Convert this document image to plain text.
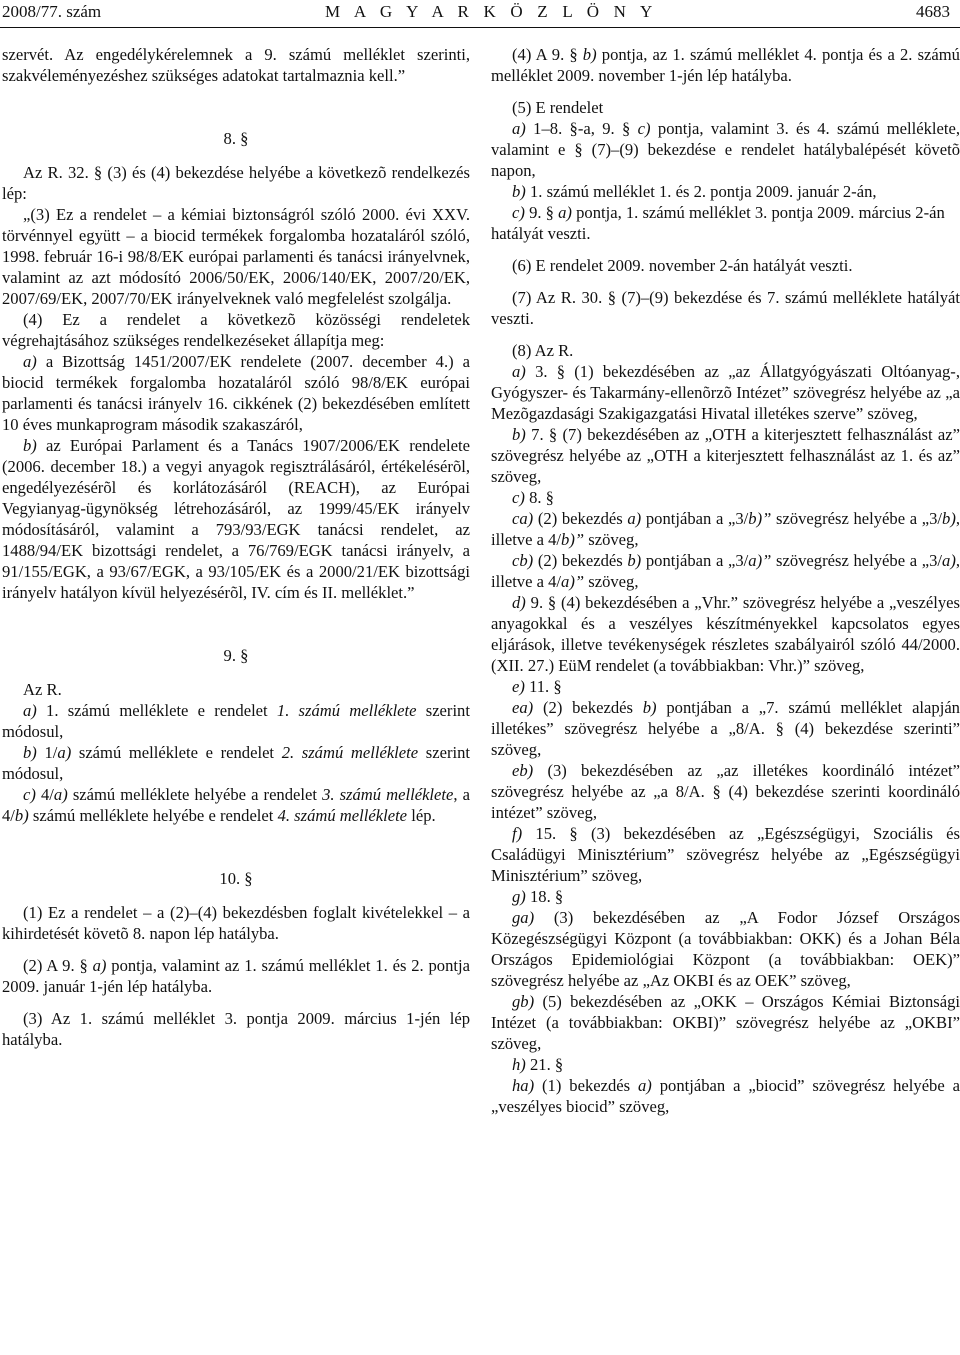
2008/77. szám	M A G Y A R K Ö Z L Ö N Y	4683

szervét. Az engedélykérelemnek a 9. számú melléklet szerinti, szakvéleményezéshez szükséges adatokat tartalmaznia kell.”

8. §

Az R. 32. § (3) és (4) bekezdése helyébe a következõ rendelkezés lép:

„(3) Ez a rendelet – a kémiai biztonságról szóló 2000. évi XXV. törvénnyel együtt – a biocid termékek forgalomba hozataláról szóló, 1998. február 16-i 98/8/EK európai parlamenti és tanácsi irányelvnek, valamint az azt módosító 2006/50/EK, 2006/140/EK, 2007/20/EK, 2007/69/EK, 2007/70/EK irányelveknek való megfelelést szolgálja.

(4) Ez a rendelet a következõ közösségi rendeletek végrehajtásához szükséges rendelkezéseket állapítja meg:

a) a Bizottság 1451/2007/EK rendelete (2007. december 4.) a biocid termékek forgalomba hozataláról szóló 98/8/EK európai parlamenti és tanácsi irányelv 16. cikkének (2) bekezdésében említett 10 éves munkaprogram második szakaszáról,

b) az Európai Parlament és a Tanács 1907/2006/EK rendelete (2006. december 18.) a vegyi anyagok regisztrálásáról, értékelésérõl, engedélyezésérõl és korlátozásáról (REACH), az Európai Vegyianyag-ügynökség létrehozásáról, az 1999/45/EK irányelv módosításáról, valamint a 793/93/EGK tanácsi rendelet, az 1488/94/EK bizottsági rendelet, a 76/769/EGK tanácsi irányelv, a 91/155/EGK, a 93/67/EGK, a 93/105/EK és a 2000/21/EK bizottsági irányelv hatályon kívül helyezésérõl, IV. cím és II. melléklet.”

9. §

Az R.

a) 1. számú melléklete e rendelet 1. számú melléklete szerint módosul,

b) 1/a) számú melléklete e rendelet 2. számú melléklete szerint módosul,

c) 4/a) számú melléklete helyébe a rendelet 3. számú melléklete, a 4/b) számú melléklete helyébe e rendelet 4. számú melléklete lép.

10. §

(1) Ez a rendelet – a (2)–(4) bekezdésben foglalt kivételekkel – a kihirdetését követõ 8. napon lép hatályba.

(2) A 9. § a) pontja, valamint az 1. számú melléklet 1. és 2. pontja 2009. január 1-jén lép hatályba.

(3) Az 1. számú melléklet 3. pontja 2009. március 1-jén lép hatályba.

(4) A 9. § b) pontja, az 1. számú melléklet 4. pontja és a 2. számú melléklet 2009. november 1-jén lép hatályba.

(5) E rendelet

a) 1–8. §-a, 9. § c) pontja, valamint 3. és 4. számú melléklete, valamint e § (7)–(9) bekezdése e rendelet hatálybalépését követõ napon,

b) 1. számú melléklet 1. és 2. pontja 2009. január 2-án,

c) 9. § a) pontja, 1. számú melléklet 3. pontja 2009. március 2-án

hatályát veszti.

(6) E rendelet 2009. november 2-án hatályát veszti.

(7) Az R. 30. § (7)–(9) bekezdése és 7. számú melléklete hatályát veszti.

(8) Az R.

a) 3. § (1) bekezdésében az „az Állatgyógyászati Oltóanyag-, Gyógyszer- és Takarmány-ellenõrzõ Intézet” szövegrész helyébe az „a Mezõgazdasági Szakigazgatási Hivatal illetékes szerve” szöveg,

b) 7. § (7) bekezdésében az „OTH a kiterjesztett felhasználást az” szövegrész helyébe az „OTH a kiterjesztett felhasználást az 1. és az” szöveg,

c) 8. §

ca) (2) bekezdés a) pontjában a „3/b)” szövegrész helyébe a „3/b), illetve a 4/b)” szöveg,

cb) (2) bekezdés b) pontjában a „3/a)” szövegrész helyébe a „3/a), illetve a 4/a)” szöveg,

d) 9. § (4) bekezdésében a „Vhr.” szövegrész helyébe a „veszélyes anyagokkal és a veszélyes készítményekkel kapcsolatos egyes eljárások, illetve tevékenységek részletes szabályairól szóló 44/2000. (XII. 27.) EüM rendelet (a továbbiakban: Vhr.)” szöveg,

e) 11. §

ea) (2) bekezdés b) pontjában a „7. számú melléklet alapján illetékes” szövegrész helyébe a „8/A. § (4) bekezdése szerinti” szöveg,

eb) (3) bekezdésében az „az illetékes koordináló intézet” szövegrész helyébe az „a 8/A. § (4) bekezdése szerinti koordináló intézet” szöveg,

f) 15. § (3) bekezdésében az „Egészségügyi, Szociális és Családügyi Minisztérium” szövegrész helyébe az „Egészségügyi Minisztérium” szöveg,

g) 18. §

ga) (3) bekezdésében az „A Fodor József Országos Közegészségügyi Központ (a továbbiakban: OKK) és a Johan Béla Országos Epidemiológiai Központ (a továbbiakban: OEK)” szövegrész helyébe az „Az OKBI és az OEK” szöveg,

gb) (5) bekezdésében az „OKK – Országos Kémiai Biztonsági Intézet (a továbbiakban: OKBI)” szövegrész helyébe az „OKBI” szöveg,

h) 21. §

ha) (1) bekezdés a) pontjában a „biocid” szövegrész helyébe a „veszélyes biocid” szöveg,
